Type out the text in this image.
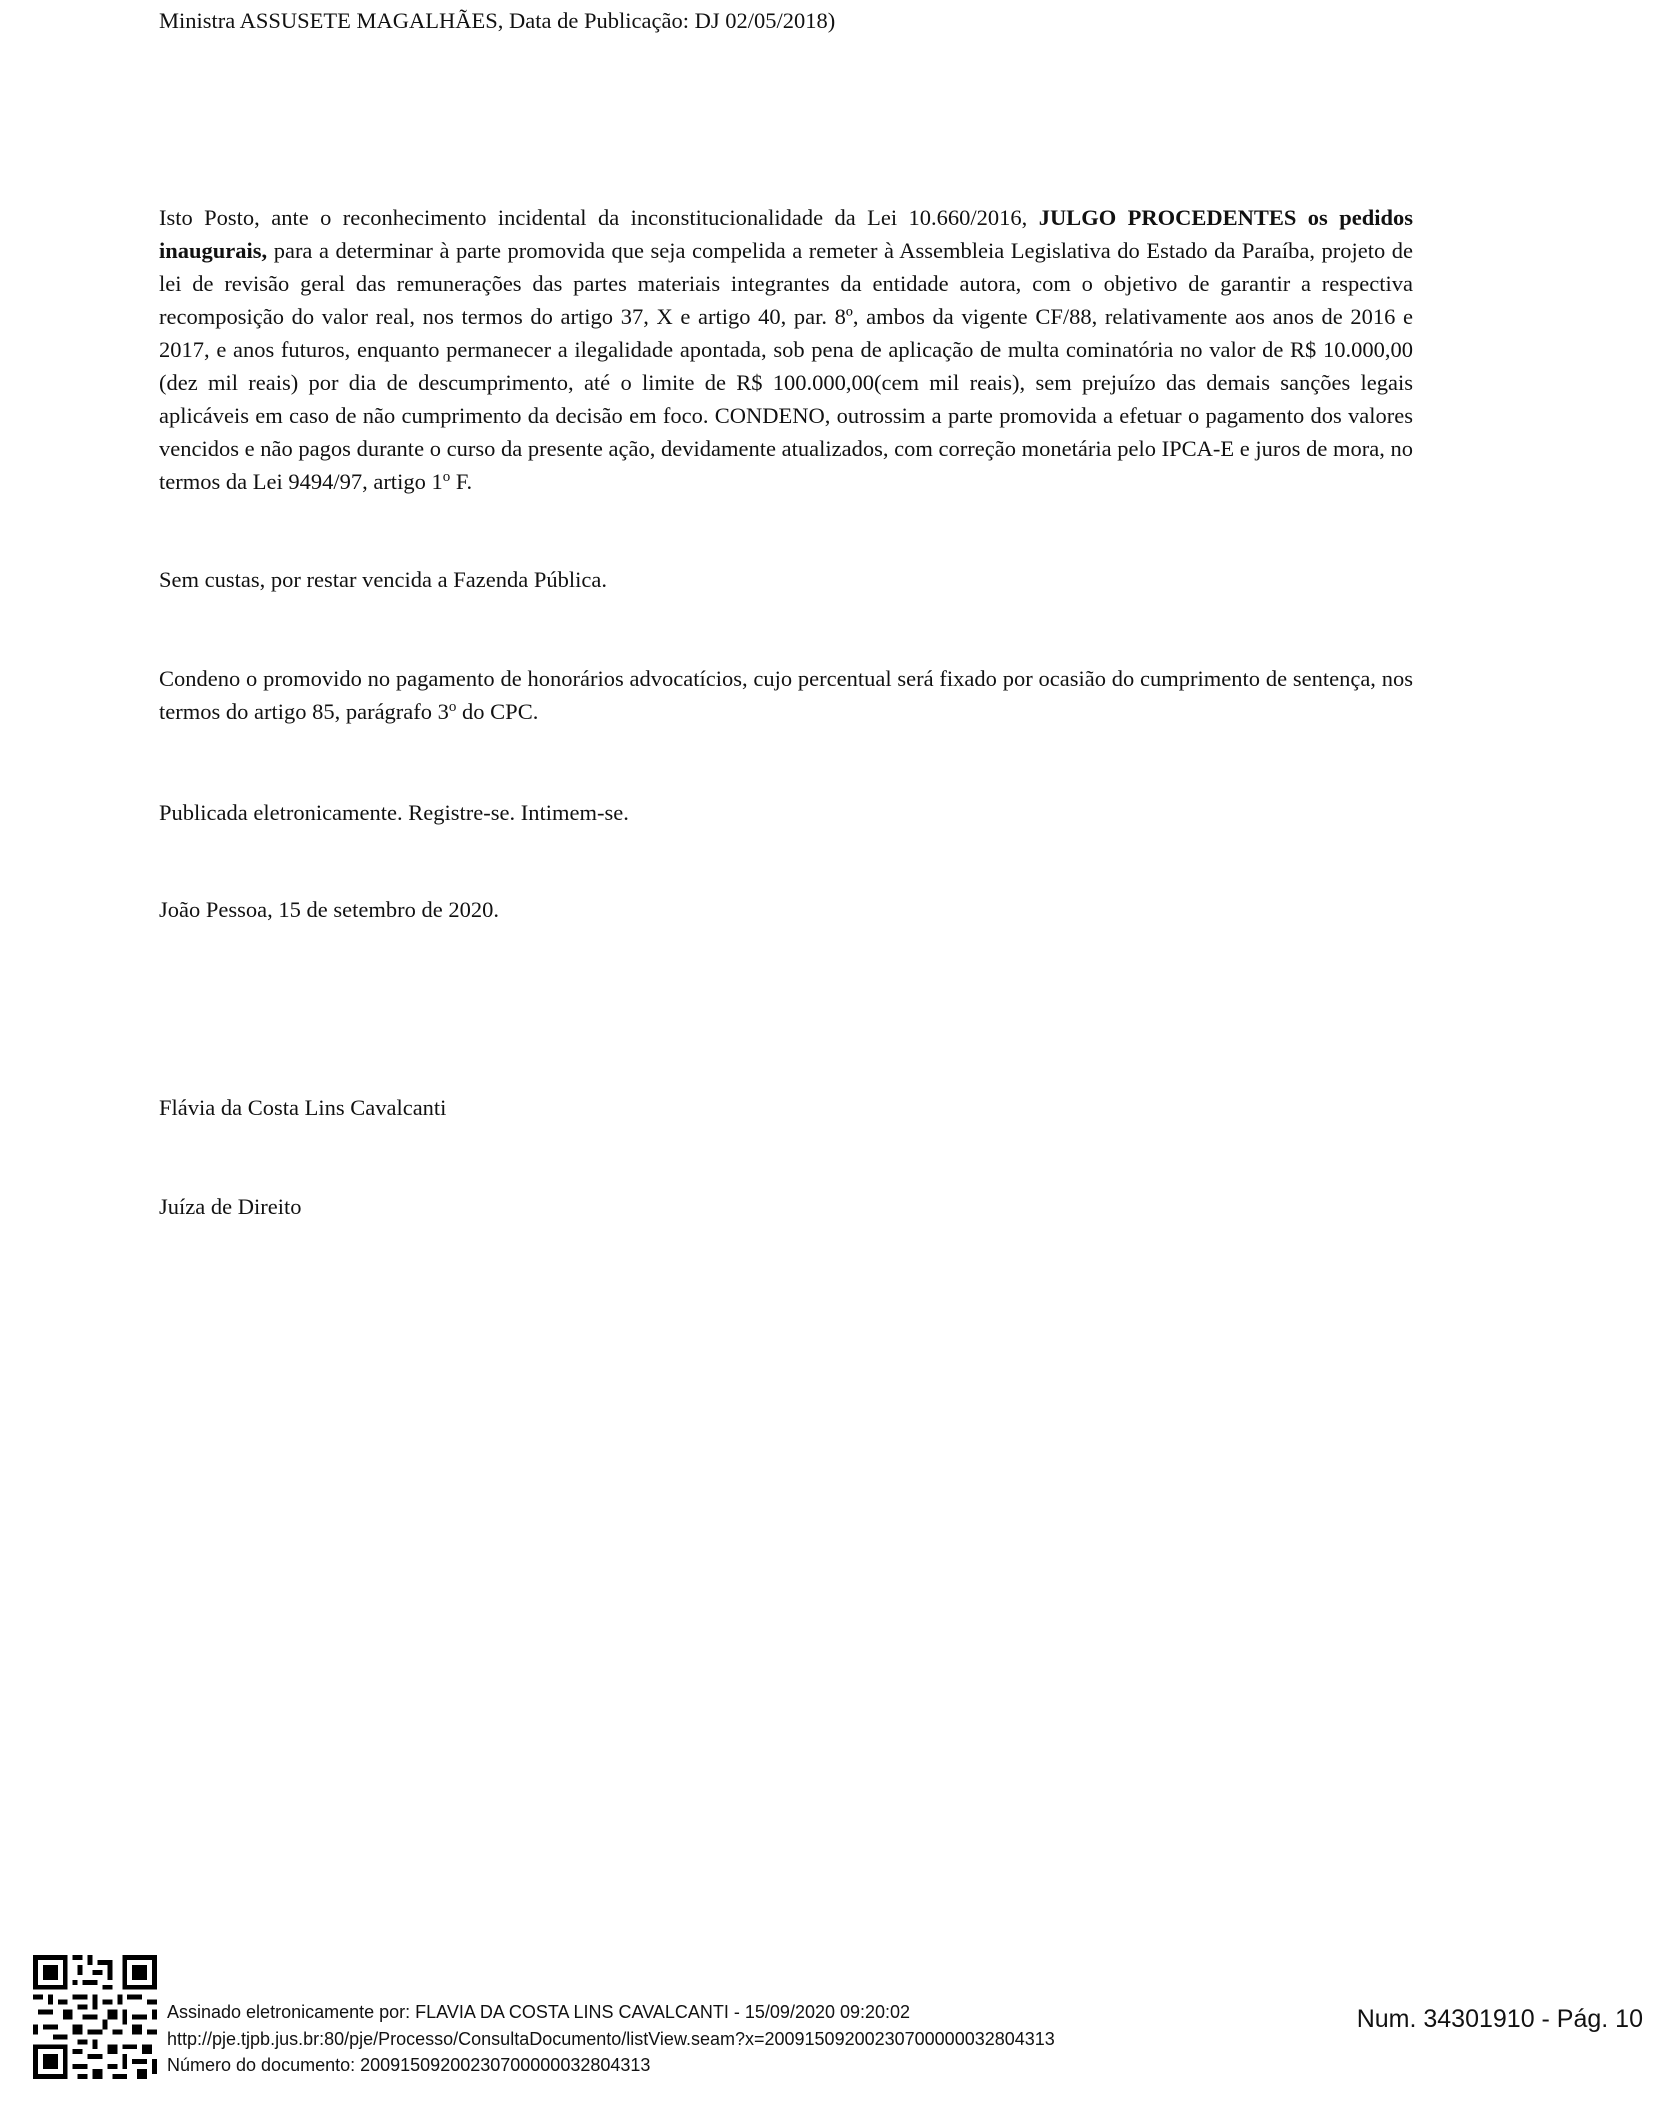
Ministra ASSUSETE MAGALHÃES, Data de Publicação: DJ 02/05/2018)
Isto Posto, ante o reconhecimento incidental da inconstitucionalidade da Lei 10.660/2016, JULGO PROCEDENTES os pedidos inaugurais, para a determinar à parte promovida que seja compelida a remeter à Assembleia Legislativa do Estado da Paraíba, projeto de lei de revisão geral das remunerações das partes materiais integrantes da entidade autora, com o objetivo de garantir a respectiva recomposição do valor real, nos termos do artigo 37, X e artigo 40, par. 8º, ambos da vigente CF/88, relativamente aos anos de 2016 e 2017, e anos futuros, enquanto permanecer a ilegalidade apontada, sob pena de aplicação de multa cominatória no valor de R$ 10.000,00 (dez mil reais) por dia de descumprimento, até o limite de R$ 100.000,00(cem mil reais), sem prejuízo das demais sanções legais aplicáveis em caso de não cumprimento da decisão em foco. CONDENO, outrossim a parte promovida a efetuar o pagamento dos valores vencidos e não pagos durante o curso da presente ação, devidamente atualizados, com correção monetária pelo IPCA-E e juros de mora, no termos da Lei 9494/97, artigo 1$^o$ F.
Sem custas, por restar vencida a Fazenda Pública.
Condeno o promovido no pagamento de honorários advocatícios, cujo percentual será fixado por ocasião do cumprimento de sentença, nos termos do artigo 85, parágrafo 3$^o$ do CPC.
Publicada eletronicamente. Registre-se. Intimem-se.
João Pessoa, 15 de setembro de 2020.
Flávia da Costa Lins Cavalcanti
Juíza de Direito
Assinado eletronicamente por: FLAVIA DA COSTA LINS CAVALCANTI - 15/09/2020 09:20:02
http://pje.tjpb.jus.br:80/pje/Processo/ConsultaDocumento/listView.seam?x=20091509200230700000032804313
Número do documento: 20091509200230700000032804313
Num. 34301910 - Pág. 10
